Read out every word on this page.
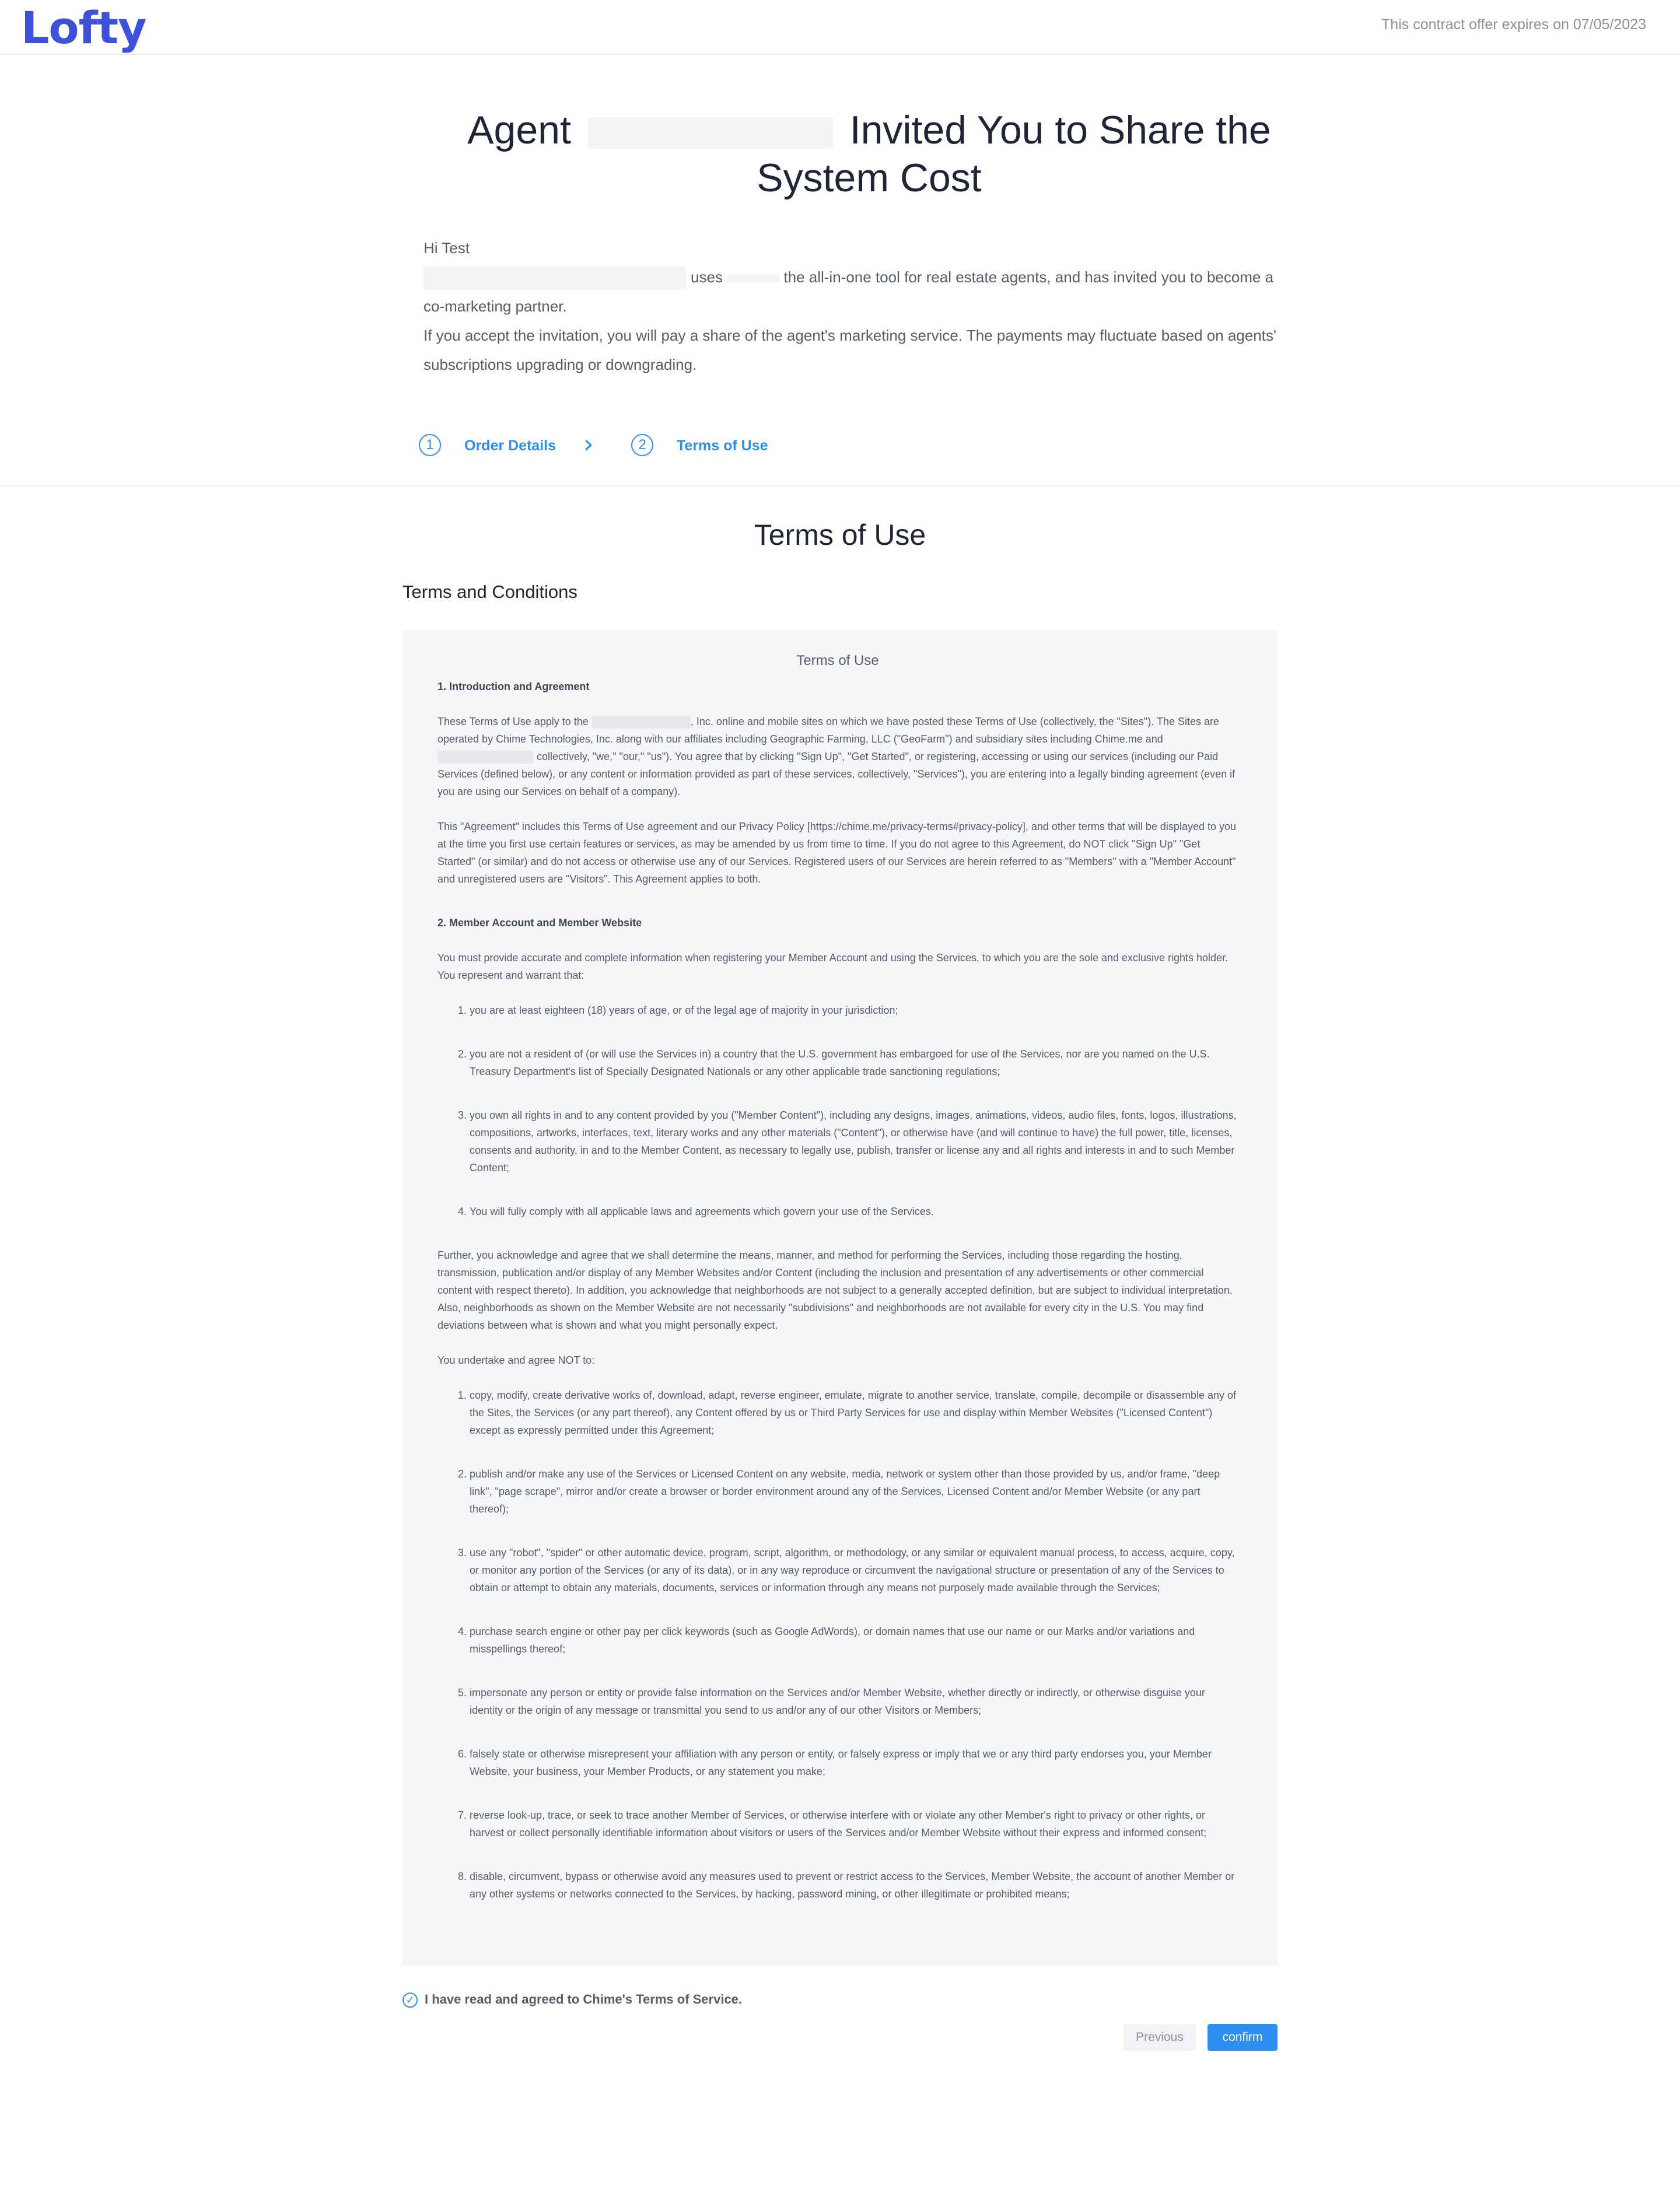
Lofty	This contract offer expires on 07/05/2023
Agent	Invited You to Share the System Cost

Hi Test

uses	the all-in-one tool for real estate agents, and has invited you to become a co-marketing partner.

If you accept the invitation, you will pay a share of the agent's marketing service. The payments may fluctuate based on agents' subscriptions upgrading or downgrading.

1	Order Details ›	2	Terms of Use
Terms of Use
Terms and Conditions
Terms of Use
1. Introduction and Agreement

These Terms of Use apply to the	, Inc. online and mobile sites on which we have posted these Terms of Use (collectively, the "Sites"). The Sites are operated by Chime Technologies, Inc. along with our affiliates including Geographic Farming, LLC ("GeoFarm") and subsidiary sites including Chime.me and  collectively, "we," "our," "us"). You agree that by clicking "Sign Up", "Get Started", or registering, accessing or using our services (including our Paid Services (defined below), or any content or information provided as part of these services, collectively, "Services"), you are entering into a legally binding agreement (even if you are using our Services on behalf of a company).

This "Agreement" includes this Terms of Use agreement and our Privacy Policy [https://chime.me/privacy-terms#privacy-policy], and other terms that will be displayed to you at the time you first use certain features or services, as may be amended by us from time to time. If you do not agree to this Agreement, do NOT click "Sign Up" "Get Started" (or similar) and do not access or otherwise use any of our Services. Registered users of our Services are herein referred to as "Members" with a "Member Account" and unregistered users are "Visitors". This Agreement applies to both.

2. Member Account and Member Website

You must provide accurate and complete information when registering your Member Account and using the Services, to which you are the sole and exclusive rights holder. You represent and warrant that:

1. you are at least eighteen (18) years of age, or of the legal age of majority in your jurisdiction;
2. you are not a resident of (or will use the Services in) a country that the U.S. government has embargoed for use of the Services, nor are you named on the U.S. Treasury Department's list of Specially Designated Nationals or any other applicable trade sanctioning regulations;
3. you own all rights in and to any content provided by you ("Member Content"), including any designs, images, animations, videos, audio files, fonts, logos, illustrations, compositions, artworks, interfaces, text, literary works and any other materials ("Content"), or otherwise have (and will continue to have) the full power, title, licenses, consents and authority, in and to the Member Content, as necessary to legally use, publish, transfer or license any and all rights and interests in and to such Member Content;
4. You will fully comply with all applicable laws and agreements which govern your use of the Services.

Further, you acknowledge and agree that we shall determine the means, manner, and method for performing the Services, including those regarding the hosting, transmission, publication and/or display of any Member Websites and/or Content (including the inclusion and presentation of any advertisements or other commercial content with respect thereto). In addition, you acknowledge that neighborhoods are not subject to a generally accepted definition, but are subject to individual interpretation. Also, neighborhoods as shown on the Member Website are not necessarily "subdivisions" and neighborhoods are not available for every city in the U.S. You may find deviations between what is shown and what you might personally expect.

You undertake and agree NOT to:

1. copy, modify, create derivative works of, download, adapt, reverse engineer, emulate, migrate to another service, translate, compile, decompile or disassemble any of the Sites, the Services (or any part thereof), any Content offered by us or Third Party Services for use and display within Member Websites ("Licensed Content") except as expressly permitted under this Agreement;
2. publish and/or make any use of the Services or Licensed Content on any website, media, network or system other than those provided by us, and/or frame, "deep link", "page scrape", mirror and/or create a browser or border environment around any of the Services, Licensed Content and/or Member Website (or any part thereof);
3. use any "robot", "spider" or other automatic device, program, script, algorithm, or methodology, or any similar or equivalent manual process, to access, acquire, copy, or monitor any portion of the Services (or any of its data), or in any way reproduce or circumvent the navigational structure or presentation of any of the Services to obtain or attempt to obtain any materials, documents, services or information through any means not purposely made available through the Services;
4. purchase search engine or other pay per click keywords (such as Google AdWords), or domain names that use our name or our Marks and/or variations and misspellings thereof;
5. impersonate any person or entity or provide false information on the Services and/or Member Website, whether directly or indirectly, or otherwise disguise your identity or the origin of any message or transmittal you send to us and/or any of our other Visitors or Members;
6. falsely state or otherwise misrepresent your affiliation with any person or entity, or falsely express or imply that we or any third party endorses you, your Member Website, your business, your Member Products, or any statement you make;
7. reverse look-up, trace, or seek to trace another Member of Services, or otherwise interfere with or violate any other Member's right to privacy or other rights, or harvest or collect personally identifiable information about visitors or users of the Services and/or Member Website without their express and informed consent;
8. disable, circumvent, bypass or otherwise avoid any measures used to prevent or restrict access to the Services, Member Website, the account of another Member or any other systems or networks connected to the Services, by hacking, password mining, or other illegitimate or prohibited means;
✓ I have read and agreed to Chime's Terms of Service.
Previous	confirm
